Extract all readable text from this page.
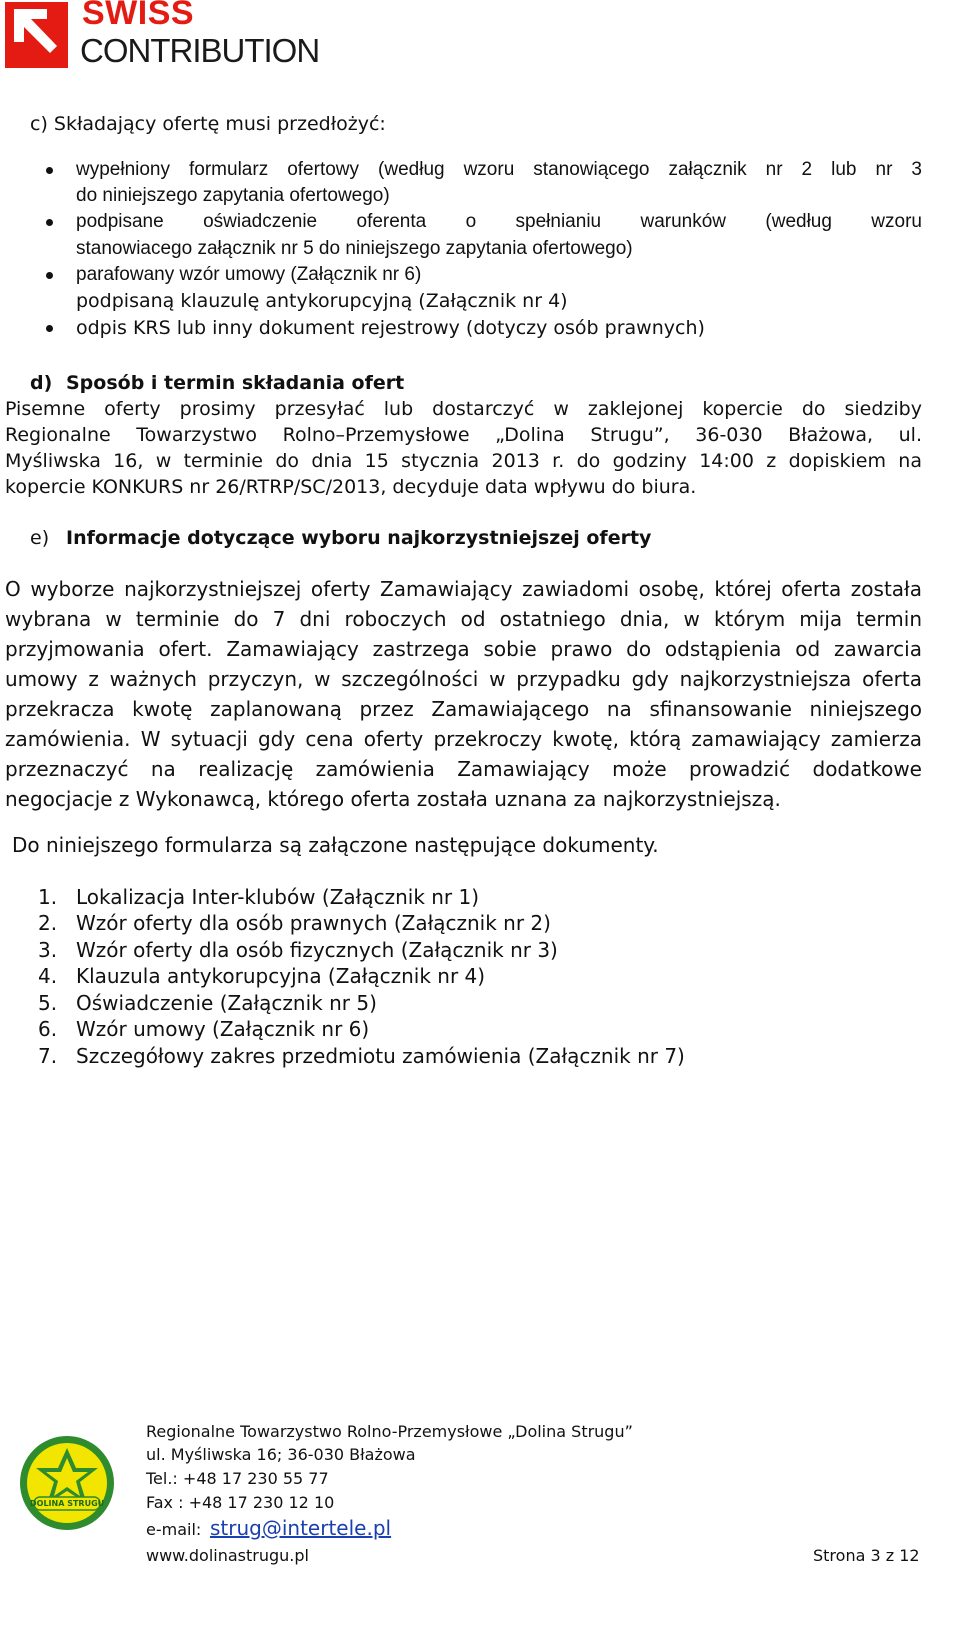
SWISS
CONTRIBUTION
c) Składający ofertę musi przedłożyć:
wypełniony formularz ofertowy (według wzoru stanowiącego załącznik nr 2 lub nr 3
do niniejszego zapytania ofertowego)
podpisane oświadczenie oferenta o spełnianiu warunków (według wzoru
stanowiacego załącznik nr 5 do niniejszego zapytania ofertowego)
parafowany wzór umowy (Załącznik nr 6)
podpisaną klauzulę antykorupcyjną (Załącznik nr 4)
odpis KRS lub inny dokument rejestrowy (dotyczy osób prawnych)
d) Sposób i termin składania ofert
Pisemne oferty prosimy przesyłać lub dostarczyć w zaklejonej kopercie do siedziby
Regionalne Towarzystwo Rolno–Przemysłowe „Dolina Strugu”, 36-030 Błażowa, ul.
Myśliwska 16, w terminie do dnia 15 stycznia 2013 r. do godziny 14:00 z dopiskiem na
kopercie KONKURS nr 26/RTRP/SC/2013, decyduje data wpływu do biura.
e) Informacje dotyczące wyboru najkorzystniejszej oferty
O wyborze najkorzystniejszej oferty Zamawiający zawiadomi osobę, której oferta została
wybrana w terminie do 7 dni roboczych od ostatniego dnia, w którym mija termin
przyjmowania ofert. Zamawiający zastrzega sobie prawo do odstąpienia od zawarcia
umowy z ważnych przyczyn, w szczególności w przypadku gdy najkorzystniejsza oferta
przekracza kwotę zaplanowaną przez Zamawiającego na sfinansowanie niniejszego
zamówienia. W sytuacji gdy cena oferty przekroczy kwotę, którą zamawiający zamierza
przeznaczyć na realizację zamówienia Zamawiający może prowadzić dodatkowe
negocjacje z Wykonawcą, którego oferta została uznana za najkorzystniejszą.
Do niniejszego formularza są załączone następujące dokumenty.
1. Lokalizacja Inter-klubów (Załącznik nr 1)
2. Wzór oferty dla osób prawnych (Załącznik nr 2)
3. Wzór oferty dla osób fizycznych (Załącznik nr 3)
4. Klauzula antykorupcyjna (Załącznik nr 4)
5. Oświadczenie (Załącznik nr 5)
6. Wzór umowy (Załącznik nr 6)
7. Szczegółowy zakres przedmiotu zamówienia (Załącznik nr 7)
DOLINA STRUGU
Regionalne Towarzystwo Rolno-Przemysłowe „Dolina Strugu”
ul. Myśliwska 16; 36-030 Błażowa
Tel.: +48 17 230 55 77
Fax : +48 17 230 12 10
e-mail: strug@intertele.pl
www.dolinastrugu.pl	Strona 3 z 12
